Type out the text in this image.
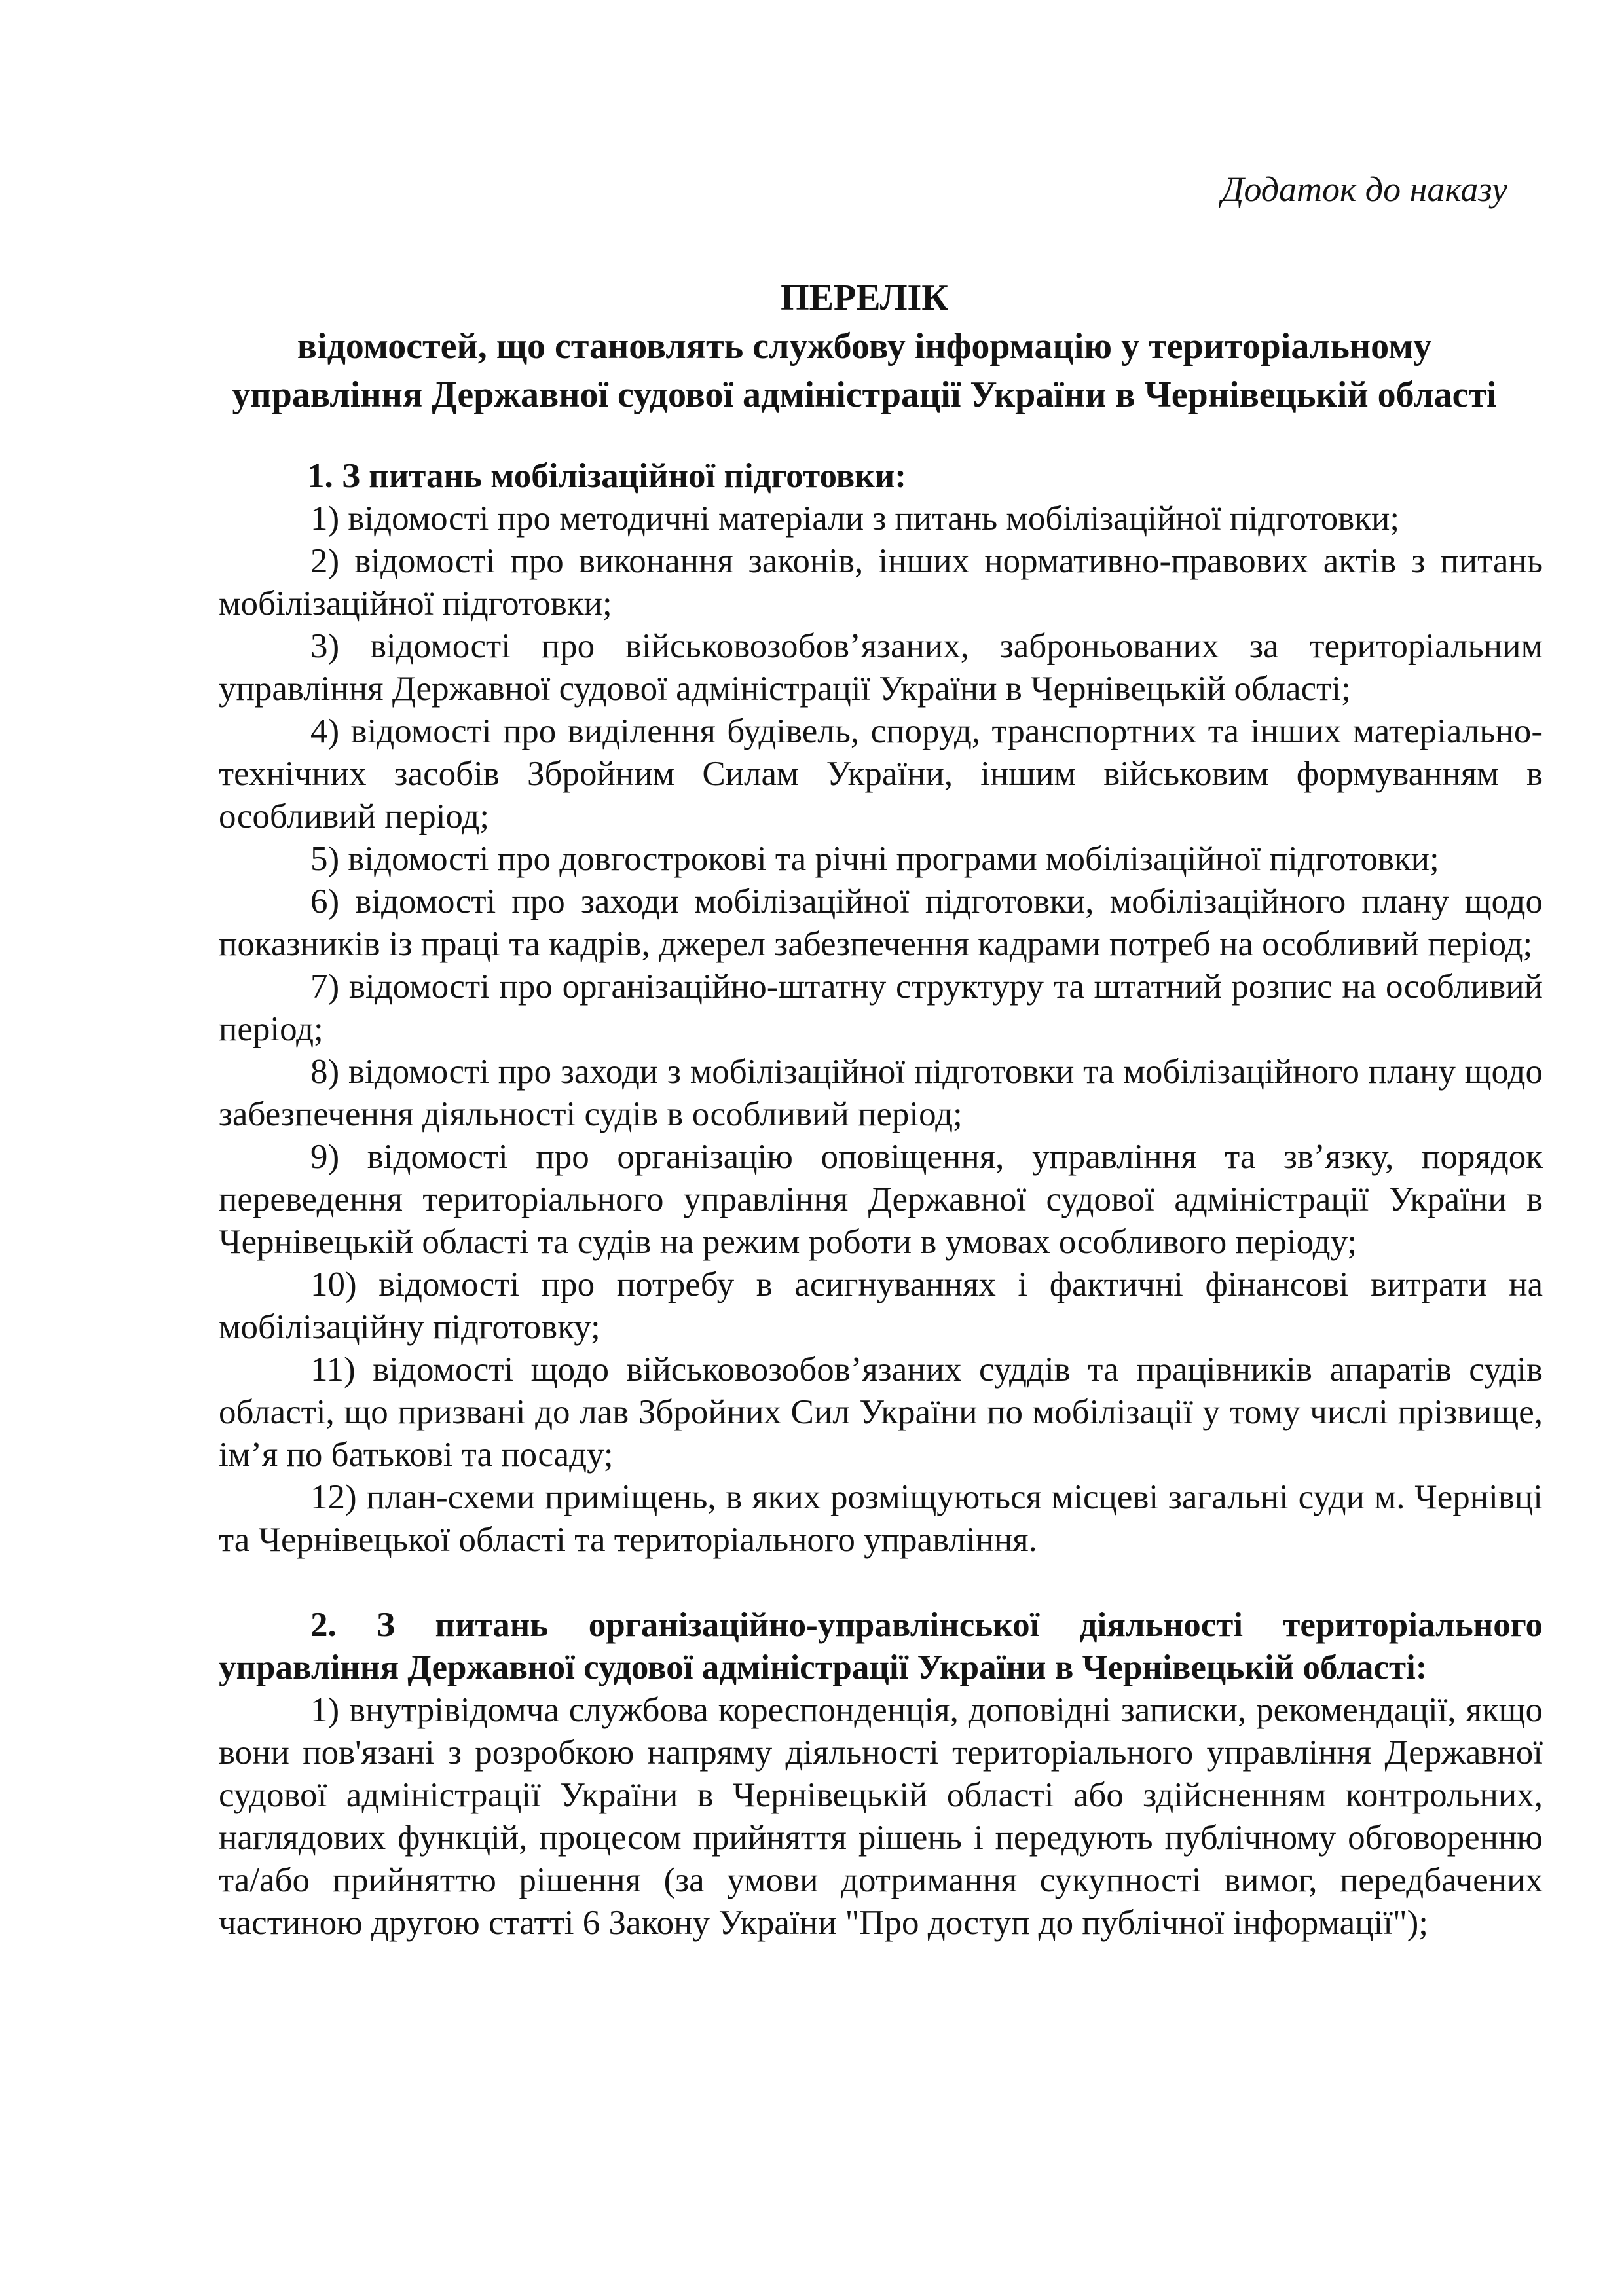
Додаток до наказу
ПЕРЕЛІК
відомостей, що становлять службову інформацію у територіальному
управління Державної судової адміністрації України в Чернівецькій області

1. З питань мобілізаційної підготовки:

1) відомості про методичні матеріали з питань мобілізаційної підготовки;

2) відомості про виконання законів, інших нормативно-правових актів з питань мобілізаційної підготовки;

3) відомості про військовозобов’язаних, заброньованих за територіальним управління Державної судової адміністрації України в Чернівецькій області;

4) відомості про виділення будівель, споруд, транспортних та інших матеріально-технічних засобів Збройним Силам України, іншим військовим формуванням в особливий період;

5) відомості про довгострокові та річні програми мобілізаційної підготовки;

6) відомості про заходи мобілізаційної підготовки, мобілізаційного плану щодо показників із праці та кадрів, джерел забезпечення кадрами потреб на особливий період;

7) відомості про організаційно-штатну структуру та штатний розпис на особливий період;

8) відомості про заходи з мобілізаційної підготовки та мобілізаційного плану щодо забезпечення діяльності судів в особливий період;

9) відомості про організацію оповіщення, управління та зв’язку, порядок переведення територіального управління Державної судової адміністрації України в Чернівецькій області та судів на режим роботи в умовах особливого періоду;

10) відомості про потребу в асигнуваннях і фактичні фінансові витрати на мобілізаційну підготовку;

11) відомості щодо військовозобов’язаних суддів та працівників апаратів судів області, що призвані до лав Збройних Сил України по мобілізації у тому числі прізвище, ім’я по батькові та посаду;

12) план-схеми приміщень, в яких розміщуються місцеві загальні суди м. Чернівці та Чернівецької області та територіального управління.

2. З питань організаційно-управлінської діяльності територіального управління Державної судової адміністрації України в Чернівецькій області:

1) внутрівідомча службова кореспонденція, доповідні записки, рекомендації, якщо вони пов'язані з розробкою напряму діяльності територіального управління Державної судової адміністрації України в Чернівецькій області або здійсненням контрольних, наглядових функцій, процесом прийняття рішень і передують публічному обговоренню та/або прийняттю рішення (за умови дотримання сукупності вимог, передбачених частиною другою статті 6 Закону України "Про доступ до публічної інформації");
